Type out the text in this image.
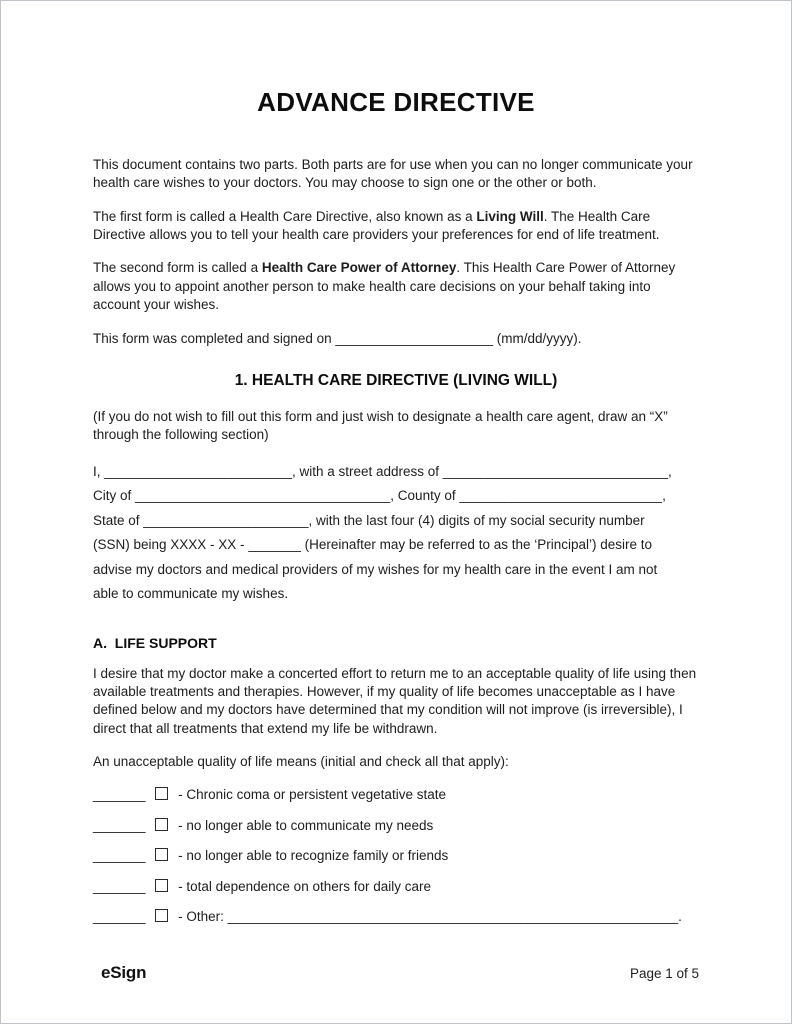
ADVANCE DIRECTIVE

This document contains two parts. Both parts are for use when you can no longer communicate your health care wishes to your doctors. You may choose to sign one or the other or both.

The first form is called a Health Care Directive, also known as a Living Will. The Health Care Directive allows you to tell your health care providers your preferences for end of life treatment.

The second form is called a Health Care Power of Attorney. This Health Care Power of Attorney allows you to appoint another person to make health care decisions on your behalf taking into account your wishes.

This form was completed and signed on _____________________ (mm/dd/yyyy).

1. HEALTH CARE DIRECTIVE (LIVING WILL)

(If you do not wish to fill out this form and just wish to designate a health care agent, draw an “X” through the following section)

I, _________________________, with a street address of ______________________________,
City of __________________________________, County of ___________________________,
State of ______________________, with the last four (4) digits of my social security number
(SSN) being XXXX - XX - _______ (Hereinafter may be referred to as the ‘Principal’) desire to
advise my doctors and medical providers of my wishes for my health care in the event I am not
able to communicate my wishes.
A.  LIFE SUPPORT

I desire that my doctor make a concerted effort to return me to an acceptable quality of life using then available treatments and therapies. However, if my quality of life becomes unacceptable as I have defined below and my doctors have determined that my condition will not improve (is irreversible), I direct that all treatments that extend my life be withdrawn.

An unacceptable quality of life means (initial and check all that apply):

_______ - Chronic coma or persistent vegetative state
_______ - no longer able to communicate my needs
_______ - no longer able to recognize family or friends
_______ - total dependence on others for daily care
_______ - Other: ____________________________________________________________.
eSign	Page 1 of 5
